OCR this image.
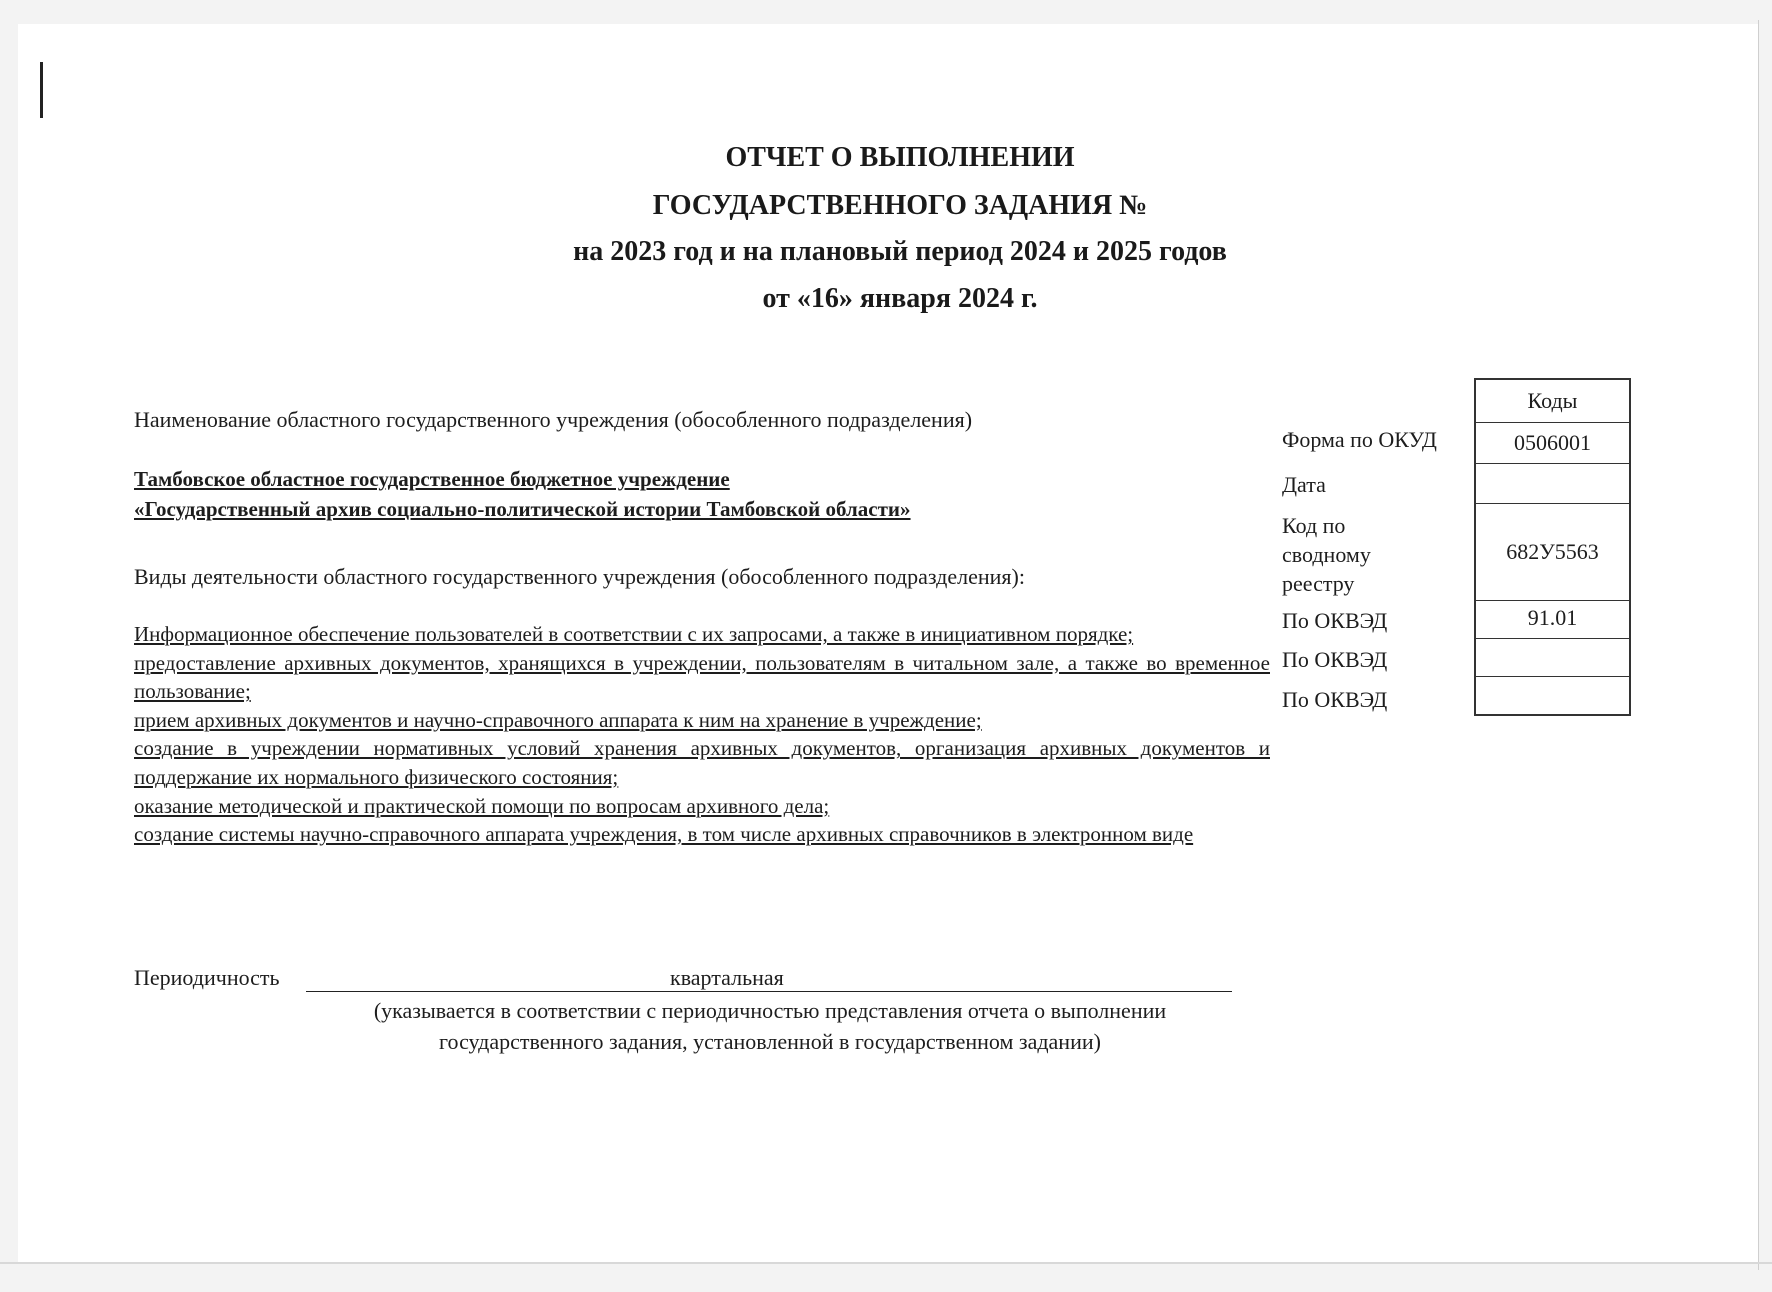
ОТЧЕТ О ВЫПОЛНЕНИИ
ГОСУДАРСТВЕННОГО ЗАДАНИЯ №
на 2023 год и на плановый период 2024 и 2025 годов
от «16» января 2024 г.
Наименование областного государственного учреждения (обособленного подразделения)
Тамбовское областное государственное бюджетное учреждение
«Государственный архив социально-политической истории Тамбовской области»
Виды деятельности областного государственного учреждения (обособленного подразделения):
Информационное обеспечение пользователей в соответствии с их запросами, а также в инициативном порядке;
предоставление архивных документов, хранящихся в учреждении, пользователям в читальном зале, а также во временное пользование;
прием архивных документов и научно-справочного аппарата к ним на хранение в учреждение;
создание в учреждении нормативных условий хранения архивных документов, организация архивных документов и поддержание их нормального физического состояния;
оказание методической и практической помощи по вопросам архивного дела;
создание системы научно-справочного аппарата учреждения, в том числе архивных справочников в электронном виде
Периодичность	квартальная
(указывается в соответствии с периодичностью представления отчета о выполнении
государственного задания, установленной в государственном задании)
Форма по ОКУД
Дата
Код по
сводному
реестру
По ОКВЭД
По ОКВЭД
По ОКВЭД
Коды
0506001
682У5563
91.01
